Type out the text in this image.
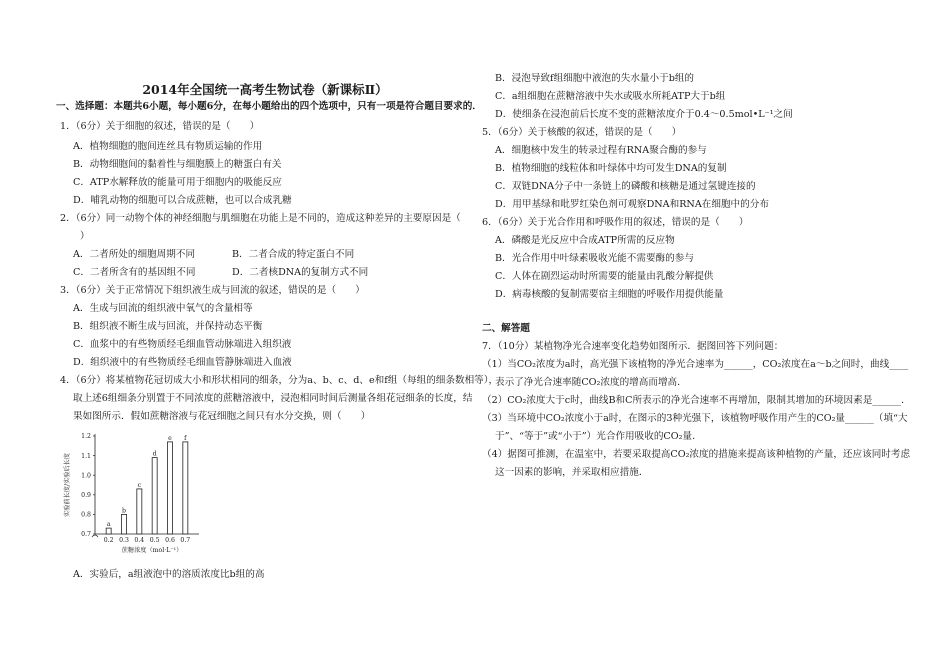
2014年全国统一高考生物试卷（新课标Ⅱ）
一、选择题：本题共6小题，每小题6分，在每小题给出的四个选项中，只有一项是符合题目要求的．
1．（6分）关于细胞的叙述，错误的是（　　）
A．植物细胞的胞间连丝具有物质运输的作用
B．动物细胞间的黏着性与细胞膜上的糖蛋白有关
C．ATP水解释放的能量可用于细胞内的吸能反应
D．哺乳动物的细胞可以合成蔗糖，也可以合成乳糖
2．（6分）同一动物个体的神经细胞与肌细胞在功能上是不同的，造成这种差异的主要原因是（
）
A．二者所处的细胞周期不同	B．二者合成的特定蛋白不同
C．二者所含有的基因组不同	D．二者核DNA的复制方式不同
3．（6分）关于正常情况下组织液生成与回流的叙述，错误的是（　　）
A．生成与回流的组织液中氧气的含量相等
B．组织液不断生成与回流，并保持动态平衡
C．血浆中的有些物质经毛细血管动脉端进入组织液
D．组织液中的有些物质经毛细血管静脉端进入血液
4．（6分）将某植物花冠切成大小和形状相同的细条，分为a、b、c、d、e和f组（每组的细条数相等），
取上述6组细条分别置于不同浓度的蔗糖溶液中，浸泡相同时间后测量各组花冠细条的长度，结
果如图所示．假如蔗糖溶液与花冠细胞之间只有水分交换，则（　　）
实验前长度/实验后长度
0.7
0.8
0.9
1.0
1.1
1.2
a
0.2
b
0.3
c
0.4
d
0.5
e
0.6
f
0.7
蔗糖浓度（mol·L⁻¹）
A．实验后，a组液泡中的溶质浓度比b组的高
B．浸泡导致f组细胞中液泡的失水量小于b组的
C．a组细胞在蔗糖溶液中失水或吸水所耗ATP大于b组
D．使细条在浸泡前后长度不变的蔗糖浓度介于0.4～0.5mol•L⁻¹之间
5．（6分）关于核酸的叙述，错误的是（　　）
A．细胞核中发生的转录过程有RNA聚合酶的参与
B．植物细胞的线粒体和叶绿体中均可发生DNA的复制
C．双链DNA分子中一条链上的磷酸和核糖是通过氢键连接的
D．用甲基绿和吡罗红染色剂可观察DNA和RNA在细胞中的分布
6．（6分）关于光合作用和呼吸作用的叙述，错误的是（　　）
A．磷酸是光反应中合成ATP所需的反应物
B．光合作用中叶绿素吸收光能不需要酶的参与
C．人体在剧烈运动时所需要的能量由乳酸分解提供
D．病毒核酸的复制需要宿主细胞的呼吸作用提供能量
二、解答题
7．（10分）某植物净光合速率变化趋势如图所示．据图回答下列问题：
（1）当CO₂浓度为a时，高光强下该植物的净光合速率为______，CO₂浓度在a～b之间时，曲线____
表示了净光合速率随CO₂浓度的增高而增高．
（2）CO₂浓度大于c时，曲线B和C所表示的净光合速率不再增加，限制其增加的环境因素是______．
（3）当环境中CO₂浓度小于a时，在图示的3种光强下，该植物呼吸作用产生的CO₂量______（填“大
于”、“等于”或“小于”）光合作用吸收的CO₂量．
（4）据图可推测，在温室中，若要采取提高CO₂浓度的措施来提高该种植物的产量，还应该同时考虑
这一因素的影响，并采取相应措施．
